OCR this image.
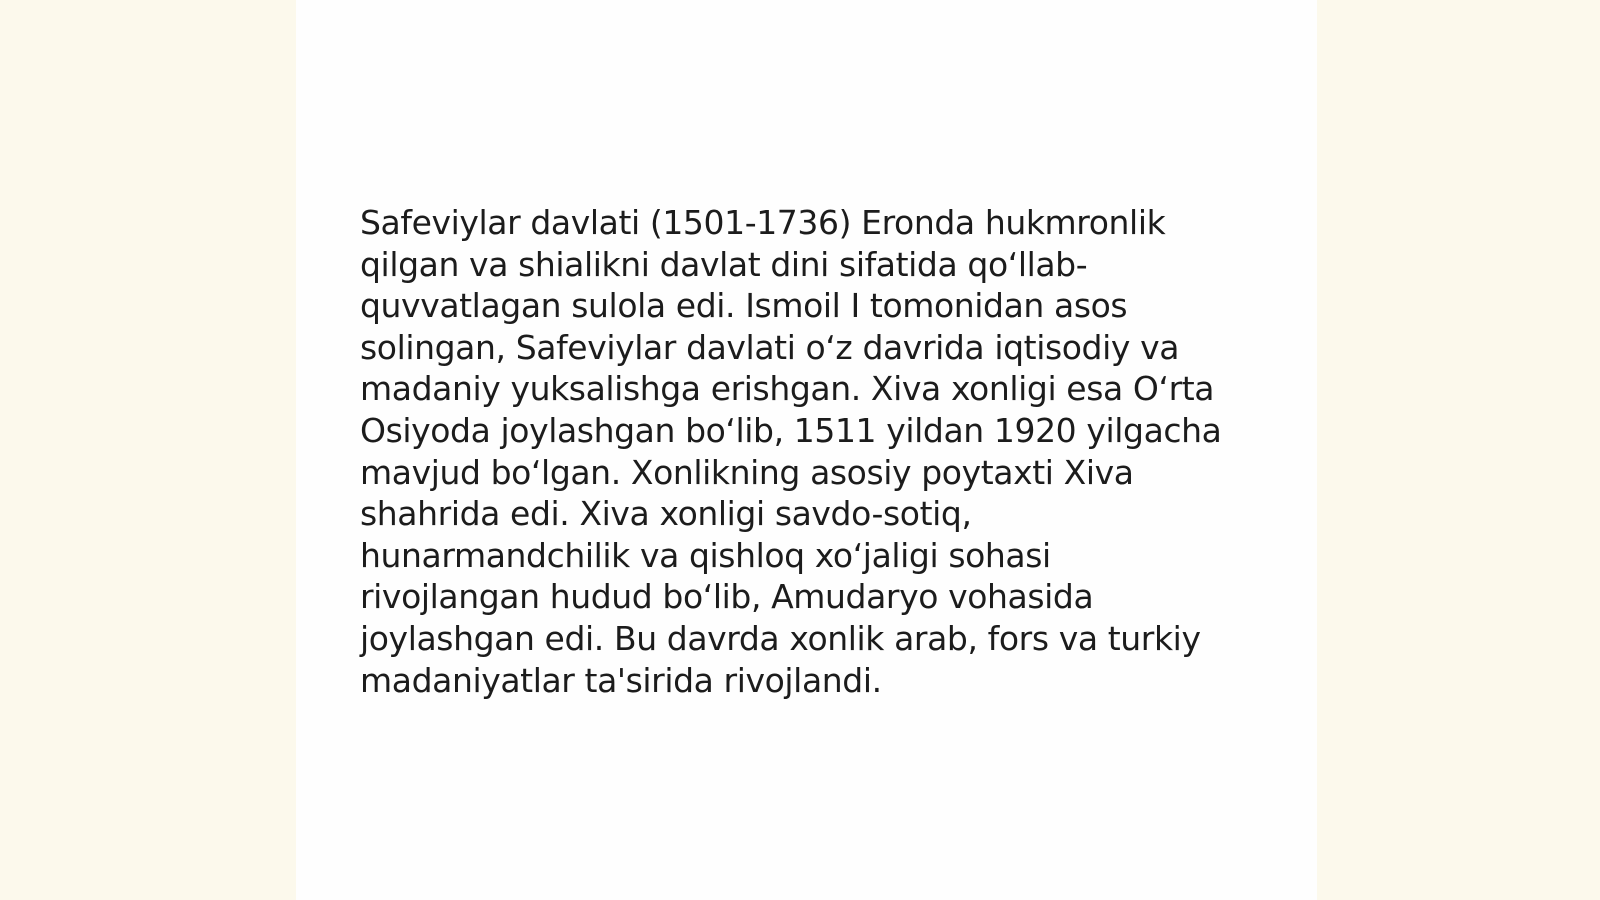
Safeviylar davlati (1501-1736) Eronda hukmronlik
qilgan va shialikni davlat dini sifatida qo‘llab-
quvvatlagan sulola edi. Ismoil I tomonidan asos
solingan, Safeviylar davlati o‘z davrida iqtisodiy va
madaniy yuksalishga erishgan. Xiva xonligi esa O‘rta
Osiyoda joylashgan bo‘lib, 1511 yildan 1920 yilgacha
mavjud bo‘lgan. Xonlikning asosiy poytaxti Xiva
shahrida edi. Xiva xonligi savdo-sotiq,
hunarmandchilik va qishloq xo‘jaligi sohasi
rivojlangan hudud bo‘lib, Amudaryo vohasida
joylashgan edi. Bu davrda xonlik arab, fors va turkiy
madaniyatlar ta'sirida rivojlandi.
